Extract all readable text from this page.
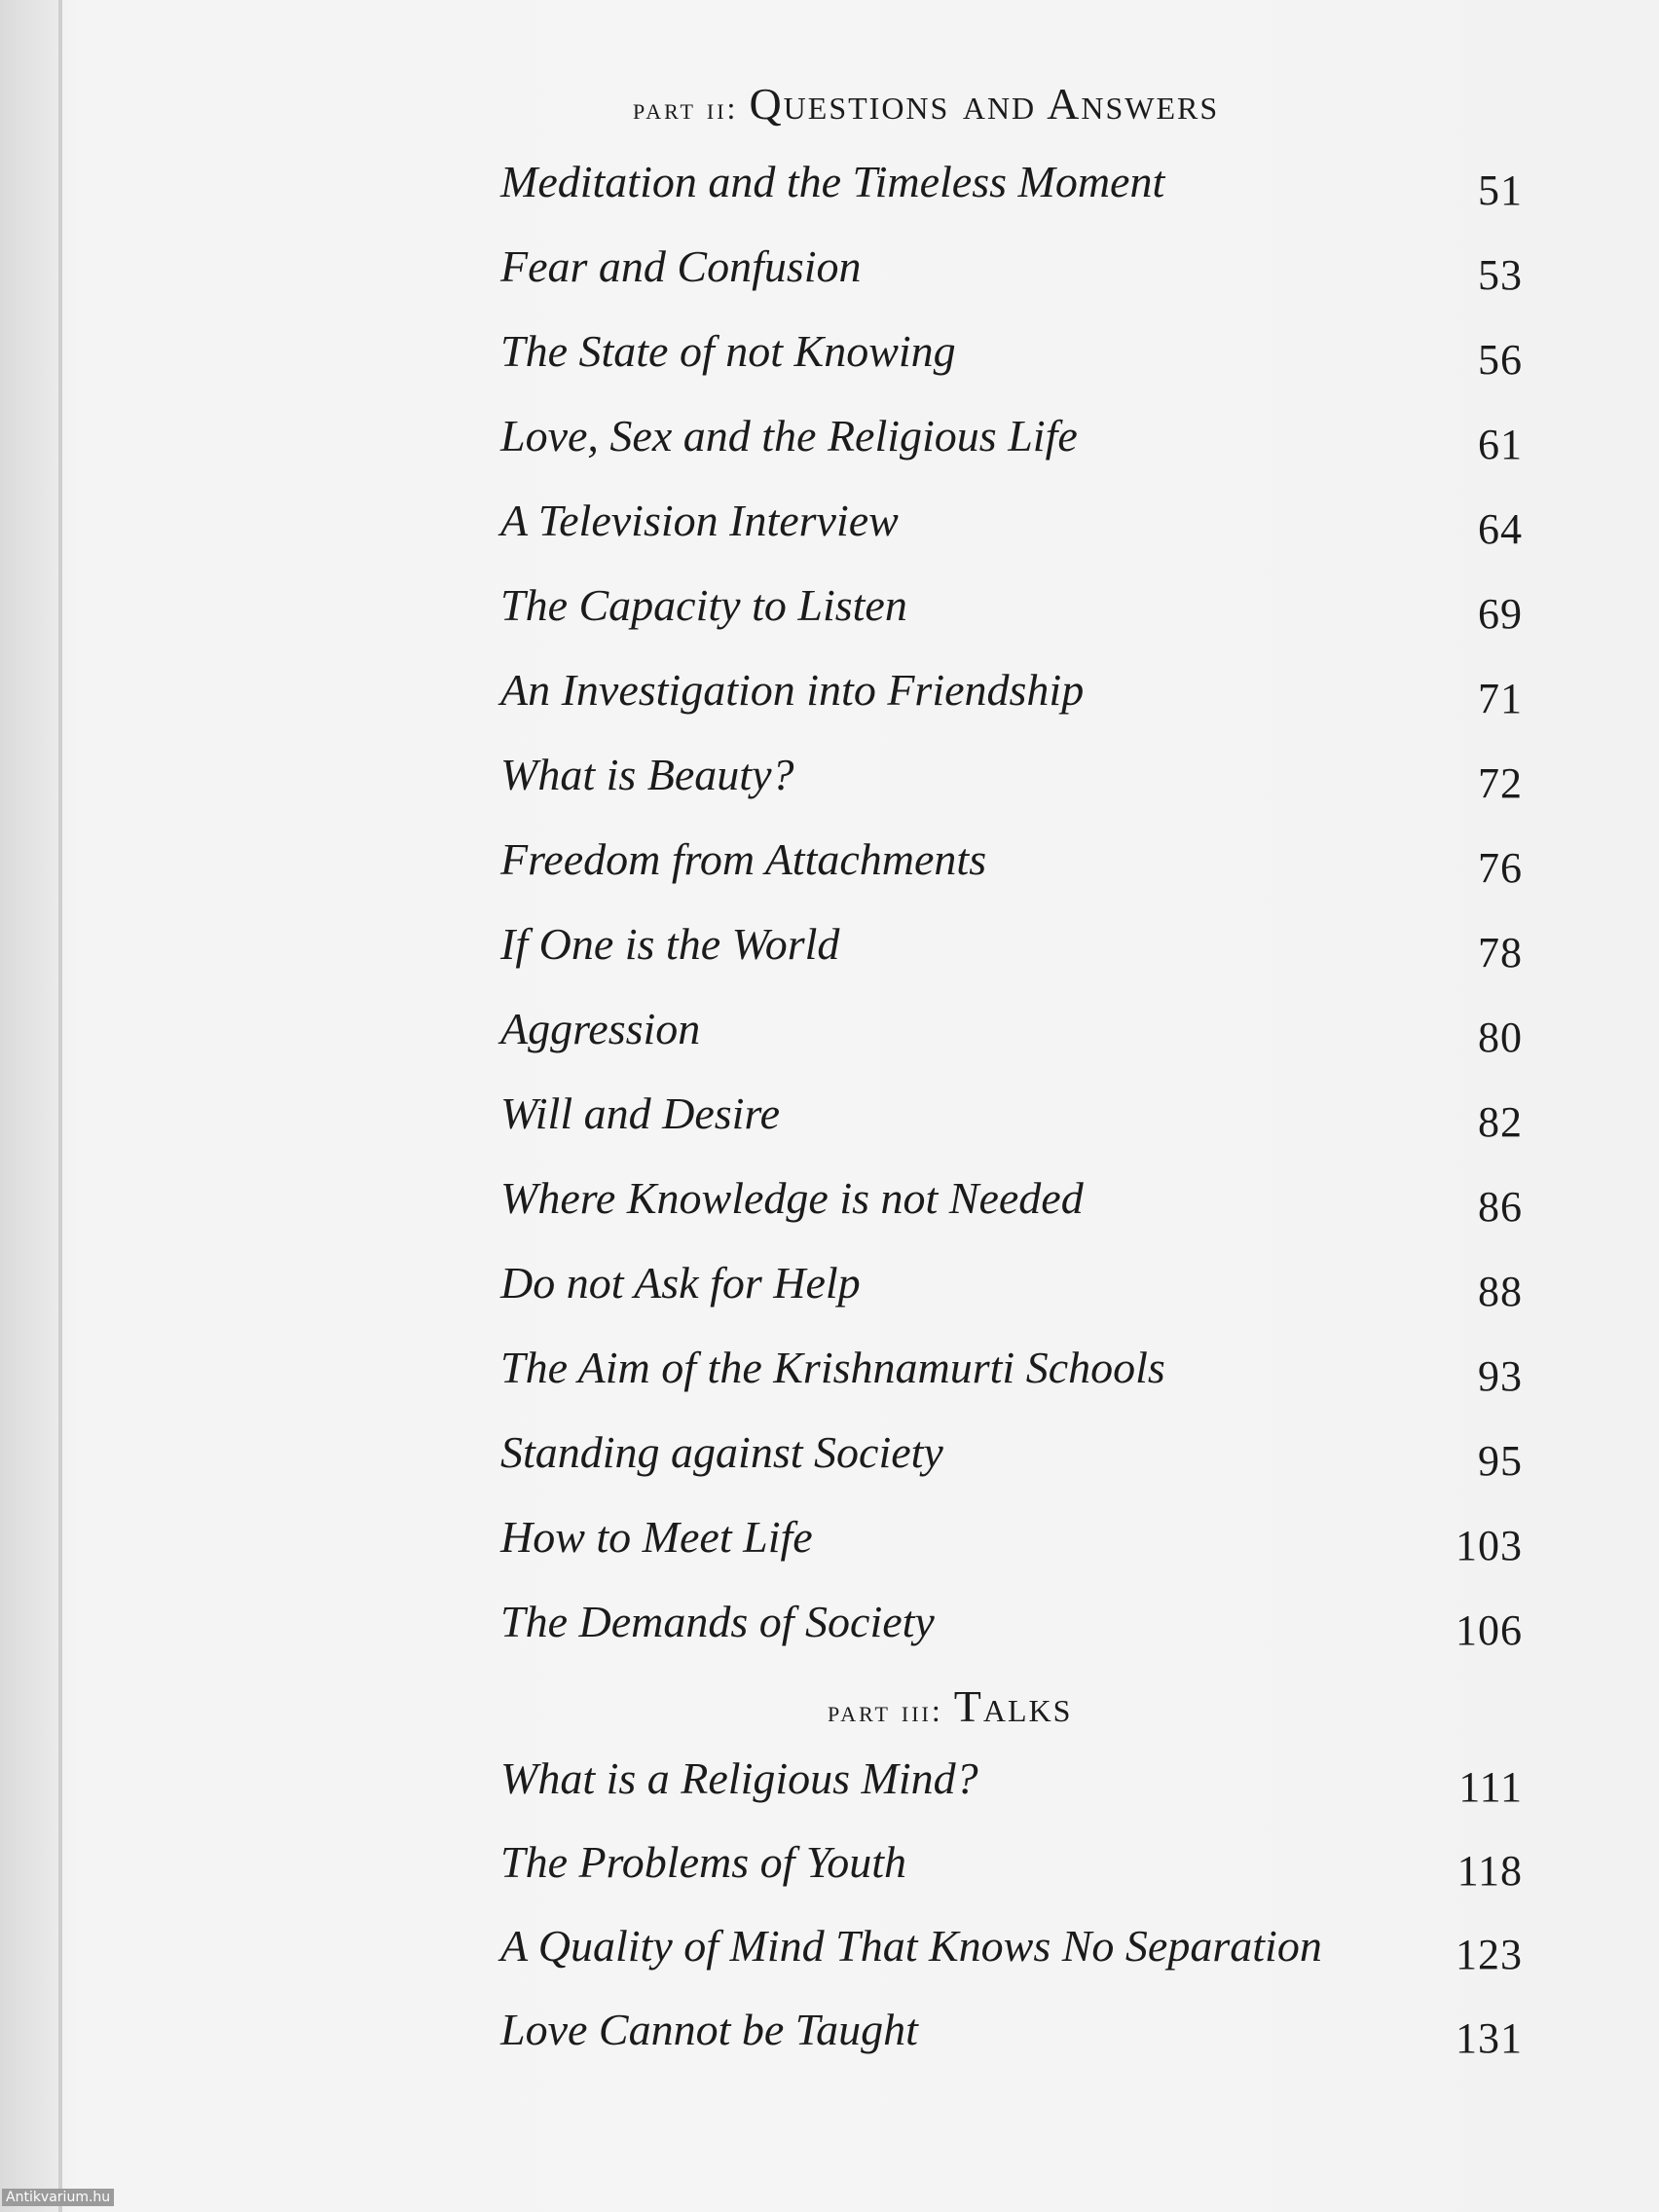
part ii: Questions and Answers
Meditation and the Timeless Moment	51
Fear and Confusion	53
The State of not Knowing	56
Love, Sex and the Religious Life	61
A Television Interview	64
The Capacity to Listen	69
An Investigation into Friendship	71
What is Beauty?	72
Freedom from Attachments	76
If One is the World	78
Aggression	80
Will and Desire	82
Where Knowledge is not Needed	86
Do not Ask for Help	88
The Aim of the Krishnamurti Schools	93
Standing against Society	95
How to Meet Life	103
The Demands of Society	106
part iii: Talks
What is a Religious Mind?	111
The Problems of Youth	118
A Quality of Mind That Knows No Separation	123
Love Cannot be Taught	131
Antikvarium.hu
